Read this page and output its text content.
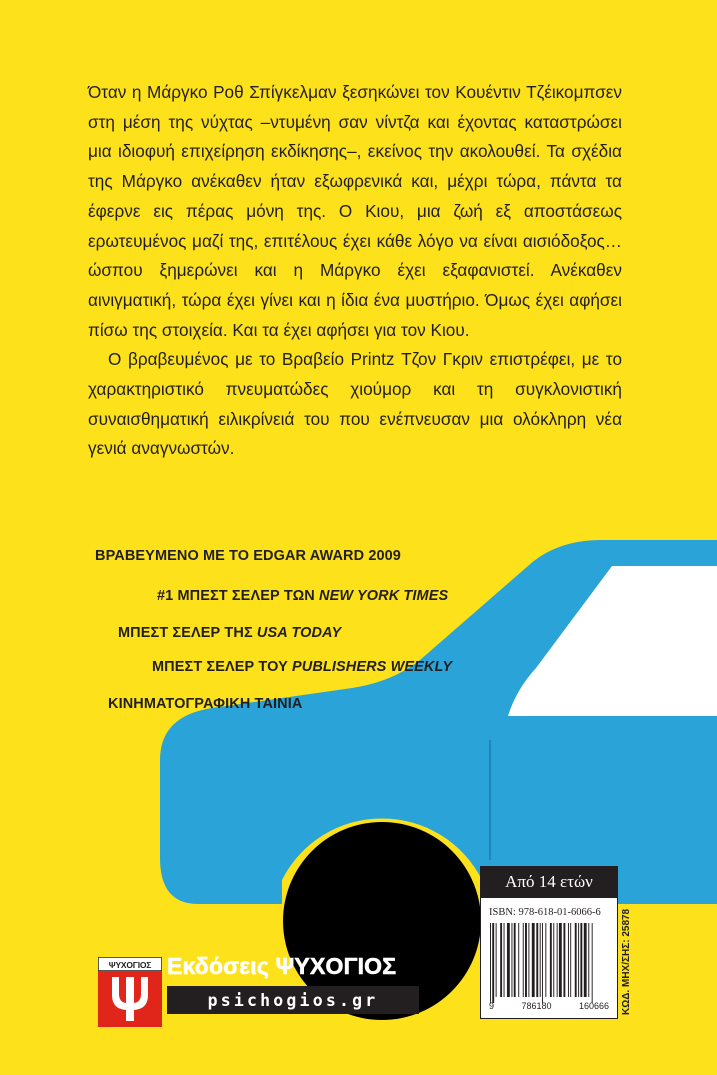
Όταν η Μάργκο Ροθ Σπίγκελμαν ξεσηκώνει τον Κουέντιν Τζέικομπσεν στη μέση της νύχτας –ντυμένη σαν νίντζα και έχοντας καταστρώσει μια ιδιοφυή επιχείρηση εκδίκησης–, εκείνος την ακολουθεί. Τα σχέδια της Μάργκο ανέκαθεν ήταν εξωφρενικά και, μέχρι τώρα, πάντα τα έφερνε εις πέρας μόνη της. Ο Κιου, μια ζωή εξ αποστάσεως ερωτευμένος μαζί της, επιτέλους έχει κάθε λόγο να είναι αισιόδοξος… ώσπου ξημερώνει και η Μάργκο έχει εξαφανιστεί. Ανέκαθεν αινιγματική, τώρα έχει γίνει και η ίδια ένα μυστήριο. Όμως έχει αφήσει πίσω της στοιχεία. Και τα έχει αφήσει για τον Κιου.

Ο βραβευμένος με το Βραβείο Printz Τζον Γκριν επιστρέφει, με το χαρακτηριστικό πνευματώδες χιούμορ και τη συγκλονιστική συναισθηματική ειλικρίνειά του που ενέπνευσαν μια ολόκληρη νέα γενιά αναγνωστών.

ΒΡΑΒΕΥΜΕΝΟ ΜΕ ΤΟ EDGAR AWARD 2009
#1 ΜΠΕΣΤ ΣΕΛΕΡ ΤΩΝ NEW YORK TIMES
ΜΠΕΣΤ ΣΕΛΕΡ ΤΗΣ USA TODAY
ΜΠΕΣΤ ΣΕΛΕΡ ΤΟΥ PUBLISHERS WEEKLY
ΚΙΝΗΜΑΤΟΓΡΑΦΙΚΗ ΤΑΙΝΙΑ
Από 14 ετών
ISBN: 978-618-01-6066-6
9	786180	160666 ΚΩΔ. ΜΗΧ/ΣΗΣ: 25878
ΨΥΧΟΓΙΟΣ Εκδόσεις ΨΥΧΟΓΙΟΣ
psichogios.gr
